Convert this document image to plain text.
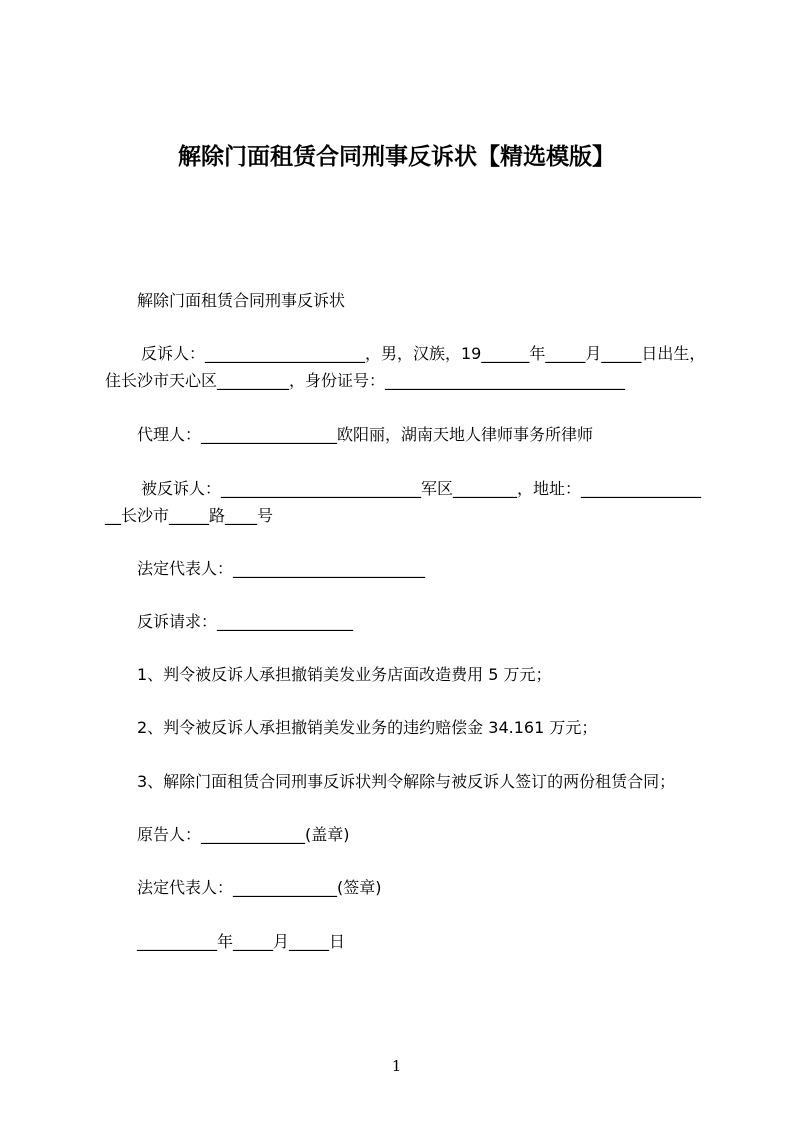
解除门面租赁合同刑事反诉状【精选模版】
解除门面租赁合同刑事反诉状
反诉人：____________________，男，汉族，19______年_____月_____日出生，
住长沙市天心区_________，身份证号：______________________________
代理人：_________________欧阳丽，湖南天地人律师事务所律师
被反诉人：_________________________军区________，地址：_______________
__长沙市_____路____号
法定代表人：________________________
反诉请求：_________________
1、判令被反诉人承担撤销美发业务店面改造费用 5 万元；
2、判令被反诉人承担撤销美发业务的违约赔偿金 34.161 万元；
3、解除门面租赁合同刑事反诉状判令解除与被反诉人签订的两份租赁合同；
原告人：_____________(盖章)
法定代表人：_____________(签章)
__________年_____月_____日
1
